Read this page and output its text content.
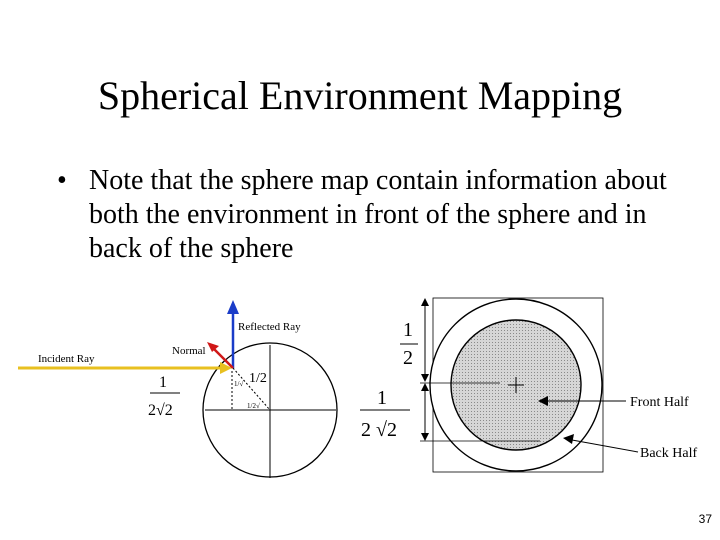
Spherical Environment Mapping
• Note that the sphere map contain information about both the environment in front of the sphere and in back of the sphere
Reflected Ray
Normal
Incident Ray
1
2√2
1/2
1/√
1/2√
1
2
1
2 √2
Front Half
Back Half
37
